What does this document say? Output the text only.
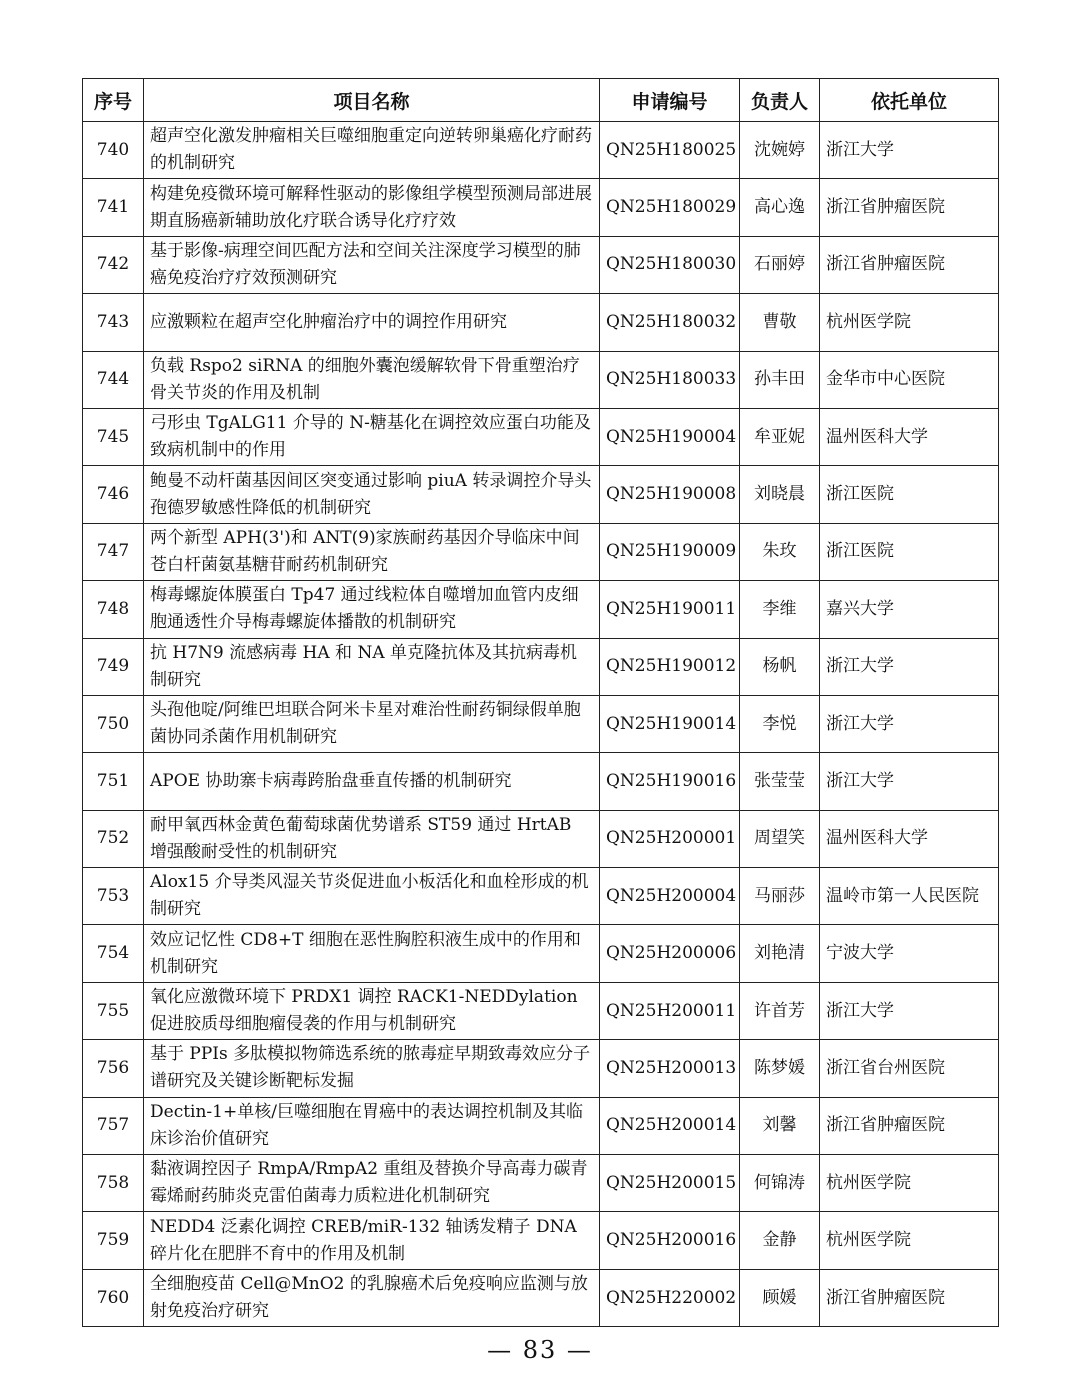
序号	项目名称	申请编号	负责人	依托单位
740	超声空化激发肿瘤相关巨噬细胞重定向逆转卵巢癌化疗耐药的机制研究	QN25H180025	沈婉婷	浙江大学
741	构建免疫微环境可解释性驱动的影像组学模型预测局部进展期直肠癌新辅助放化疗联合诱导化疗疗效	QN25H180029	高心逸	浙江省肿瘤医院
742	基于影像-病理空间匹配方法和空间关注深度学习模型的肺癌免疫治疗疗效预测研究	QN25H180030	石丽婷	浙江省肿瘤医院
743	应激颗粒在超声空化肿瘤治疗中的调控作用研究	QN25H180032	曹敬	杭州医学院
744	负载 Rspo2 siRNA 的细胞外囊泡缓解软骨下骨重塑治疗骨关节炎的作用及机制	QN25H180033	孙丰田	金华市中心医院
745	弓形虫 TgALG11 介导的 N-糖基化在调控效应蛋白功能及致病机制中的作用	QN25H190004	牟亚妮	温州医科大学
746	鲍曼不动杆菌基因间区突变通过影响 piuA 转录调控介导头孢德罗敏感性降低的机制研究	QN25H190008	刘晓晨	浙江医院
747	两个新型 APH(3')和 ANT(9)家族耐药基因介导临床中间苍白杆菌氨基糖苷耐药机制研究	QN25H190009	朱玫	浙江医院
748	梅毒螺旋体膜蛋白 Tp47 通过线粒体自噬增加血管内皮细胞通透性介导梅毒螺旋体播散的机制研究	QN25H190011	李维	嘉兴大学
749	抗 H7N9 流感病毒 HA 和 NA 单克隆抗体及其抗病毒机制研究	QN25H190012	杨帆	浙江大学
750	头孢他啶/阿维巴坦联合阿米卡星对难治性耐药铜绿假单胞菌协同杀菌作用机制研究	QN25H190014	李悦	浙江大学
751	APOE 协助寨卡病毒跨胎盘垂直传播的机制研究	QN25H190016	张莹莹	浙江大学
752	耐甲氧西林金黄色葡萄球菌优势谱系 ST59 通过 HrtAB 增强酸耐受性的机制研究	QN25H200001	周望笑	温州医科大学
753	Alox15 介导类风湿关节炎促进血小板活化和血栓形成的机制研究	QN25H200004	马丽莎	温岭市第一人民医院
754	效应记忆性 CD8+T 细胞在恶性胸腔积液生成中的作用和机制研究	QN25H200006	刘艳清	宁波大学
755	氧化应激微环境下 PRDX1 调控 RACK1-NEDDylation 促进胶质母细胞瘤侵袭的作用与机制研究	QN25H200011	许首芳	浙江大学
756	基于 PPIs 多肽模拟物筛选系统的脓毒症早期致毒效应分子谱研究及关键诊断靶标发掘	QN25H200013	陈梦媛	浙江省台州医院
757	Dectin-1+单核/巨噬细胞在胃癌中的表达调控机制及其临床诊治价值研究	QN25H200014	刘馨	浙江省肿瘤医院
758	黏液调控因子 RmpA/RmpA2 重组及替换介导高毒力碳青霉烯耐药肺炎克雷伯菌毒力质粒进化机制研究	QN25H200015	何锦涛	杭州医学院
759	NEDD4 泛素化调控 CREB/miR-132 轴诱发精子 DNA 碎片化在肥胖不育中的作用及机制	QN25H200016	金静	杭州医学院
760	全细胞疫苗 Cell@MnO2 的乳腺癌术后免疫响应监测与放射免疫治疗研究	QN25H220002	顾媛	浙江省肿瘤医院
— 83 —
